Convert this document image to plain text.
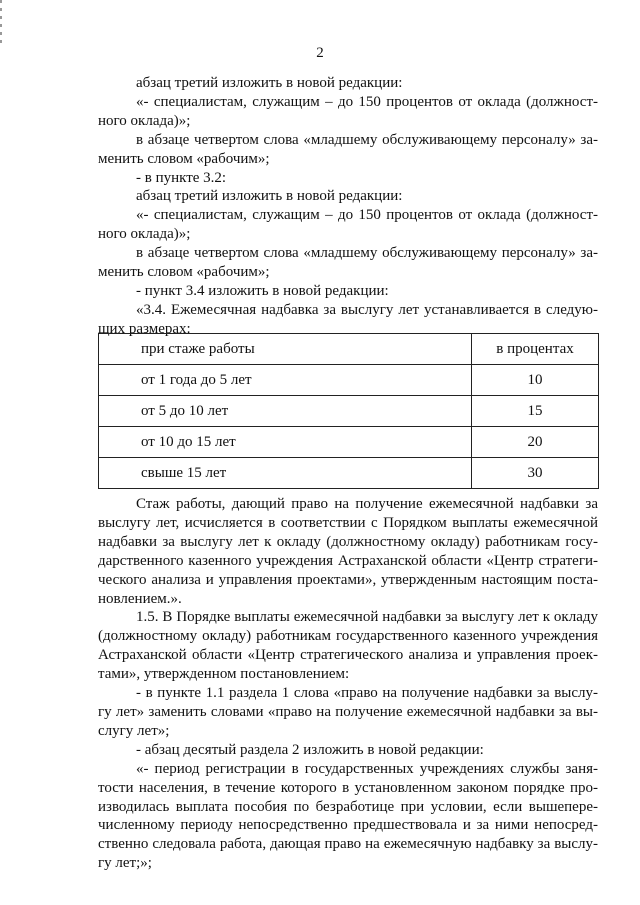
2

абзац третий изложить в новой редакции:

«- специалистам, служащим – до 150 процентов от оклада (должност-ного оклада)»;

в абзаце четвертом слова «младшему обслуживающему персоналу» за-менить словом «рабочим»;

- в пункте 3.2:

абзац третий изложить в новой редакции:

«- специалистам, служащим – до 150 процентов от оклада (должност-ного оклада)»;

в абзаце четвертом слова «младшему обслуживающему персоналу» за-менить словом «рабочим»;

- пункт 3.4 изложить в новой редакции:

«3.4. Ежемесячная надбавка за выслугу лет устанавливается в следую-щих размерах:

при стаже работы	в процентах
от 1 года до 5 лет	10
от 5 до 10 лет	15
от 10 до 15 лет	20
свыше 15 лет	30

Стаж работы, дающий право на получение ежемесячной надбавки за выслугу лет, исчисляется в соответствии с Порядком выплаты ежемесячной надбавки за выслугу лет к окладу (должностному окладу) работникам госу-дарственного казенного учреждения Астраханской области «Центр стратеги-ческого анализа и управления проектами», утвержденным настоящим поста-новлением.».

1.5. В Порядке выплаты ежемесячной надбавки за выслугу лет к окладу (должностному окладу) работникам государственного казенного учреждения Астраханской области «Центр стратегического анализа и управления проек-тами», утвержденном постановлением:

- в пункте 1.1 раздела 1 слова «право на получение надбавки за выслу-гу лет» заменить словами «право на получение ежемесячной надбавки за вы-слугу лет»;

- абзац десятый раздела 2 изложить в новой редакции:

«- период регистрации в государственных учреждениях службы заня-тости населения, в течение которого в установленном законом порядке про-изводилась выплата пособия по безработице при условии, если вышепере-численному периоду непосредственно предшествовала и за ними непосред-ственно следовала работа, дающая право на ежемесячную надбавку за выслу-гу лет;»;
